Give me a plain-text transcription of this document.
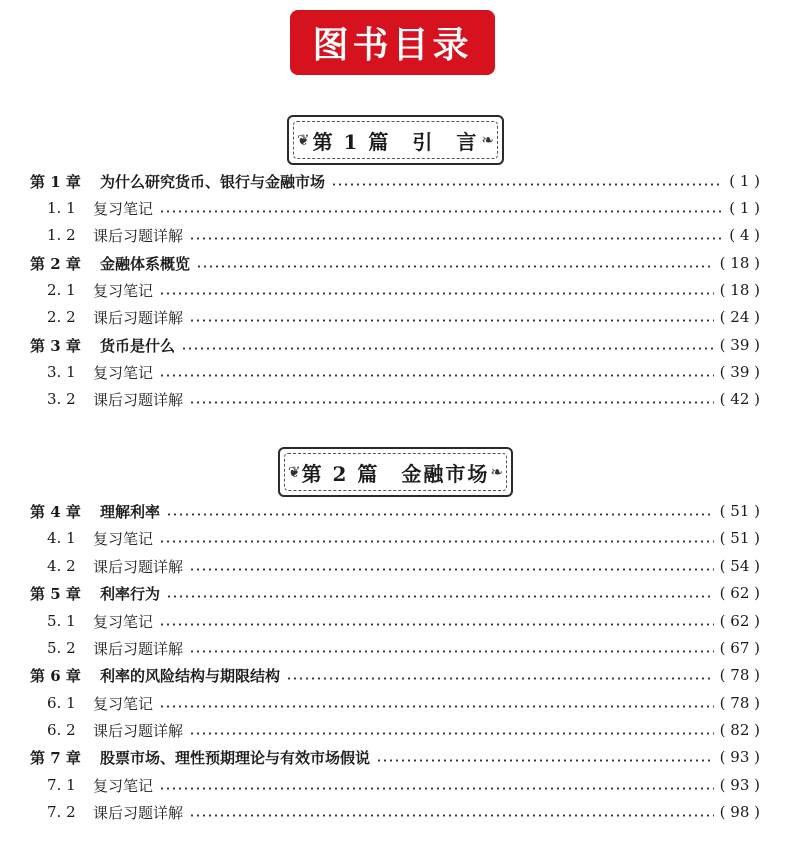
图书目录
❦ 第 1 篇　引　言 ❧
❦ 第 2 篇　金融市场 ❧
第 1 章	为什么研究货币、银行与金融市场	( 1 )
1. 1	复习笔记	( 1 )
1. 2	课后习题详解	( 4 )
第 2 章	金融体系概览	( 18 )
2. 1	复习笔记	( 18 )
2. 2	课后习题详解	( 24 )
第 3 章	货币是什么	( 39 )
3. 1	复习笔记	( 39 )
3. 2	课后习题详解	( 42 )
第 4 章	理解利率	( 51 )
4. 1	复习笔记	( 51 )
4. 2	课后习题详解	( 54 )
第 5 章	利率行为	( 62 )
5. 1	复习笔记	( 62 )
5. 2	课后习题详解	( 67 )
第 6 章	利率的风险结构与期限结构	( 78 )
6. 1	复习笔记	( 78 )
6. 2	课后习题详解	( 82 )
第 7 章	股票市场、理性预期理论与有效市场假说	( 93 )
7. 1	复习笔记	( 93 )
7. 2	课后习题详解	( 98 )
